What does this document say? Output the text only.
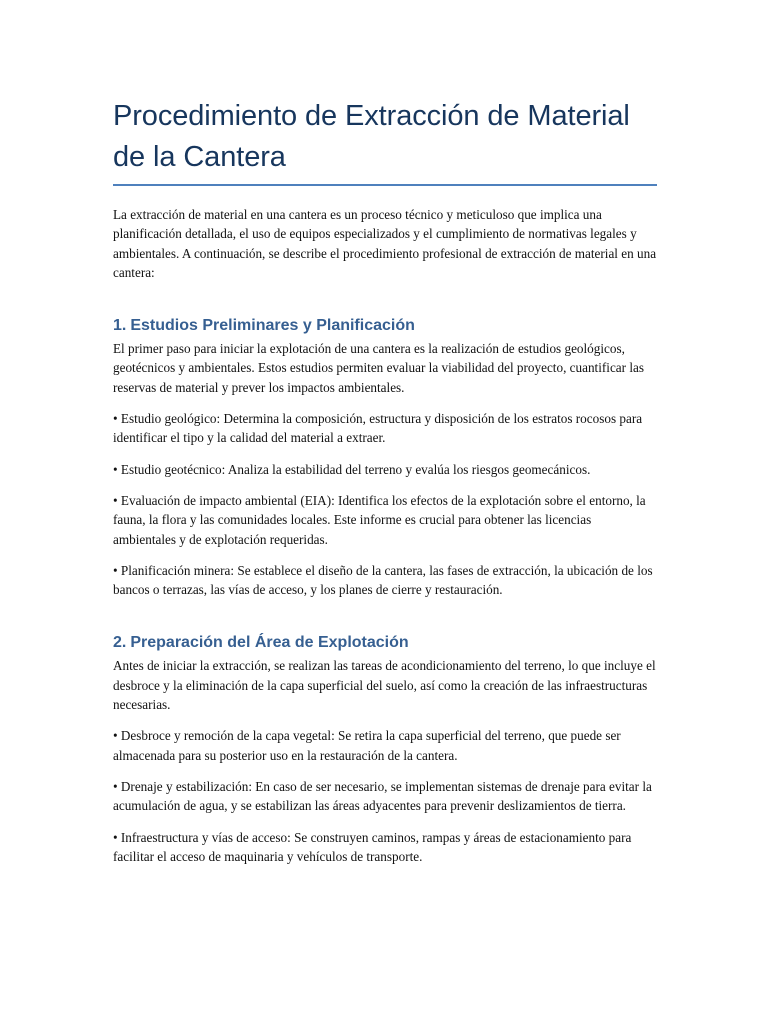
Procedimiento de Extracción de Material de la Cantera

La extracción de material en una cantera es un proceso técnico y meticuloso que implica una planificación detallada, el uso de equipos especializados y el cumplimiento de normativas legales y ambientales. A continuación, se describe el procedimiento profesional de extracción de material en una cantera:

1. Estudios Preliminares y Planificación

El primer paso para iniciar la explotación de una cantera es la realización de estudios geológicos, geotécnicos y ambientales. Estos estudios permiten evaluar la viabilidad del proyecto, cuantificar las reservas de material y prever los impactos ambientales.

• Estudio geológico: Determina la composición, estructura y disposición de los estratos rocosos para identificar el tipo y la calidad del material a extraer.

• Estudio geotécnico: Analiza la estabilidad del terreno y evalúa los riesgos geomecánicos.

• Evaluación de impacto ambiental (EIA): Identifica los efectos de la explotación sobre el entorno, la fauna, la flora y las comunidades locales. Este informe es crucial para obtener las licencias ambientales y de explotación requeridas.

• Planificación minera: Se establece el diseño de la cantera, las fases de extracción, la ubicación de los bancos o terrazas, las vías de acceso, y los planes de cierre y restauración.

2. Preparación del Área de Explotación

Antes de iniciar la extracción, se realizan las tareas de acondicionamiento del terreno, lo que incluye el desbroce y la eliminación de la capa superficial del suelo, así como la creación de las infraestructuras necesarias.

• Desbroce y remoción de la capa vegetal: Se retira la capa superficial del terreno, que puede ser almacenada para su posterior uso en la restauración de la cantera.

• Drenaje y estabilización: En caso de ser necesario, se implementan sistemas de drenaje para evitar la acumulación de agua, y se estabilizan las áreas adyacentes para prevenir deslizamientos de tierra.

• Infraestructura y vías de acceso: Se construyen caminos, rampas y áreas de estacionamiento para facilitar el acceso de maquinaria y vehículos de transporte.
